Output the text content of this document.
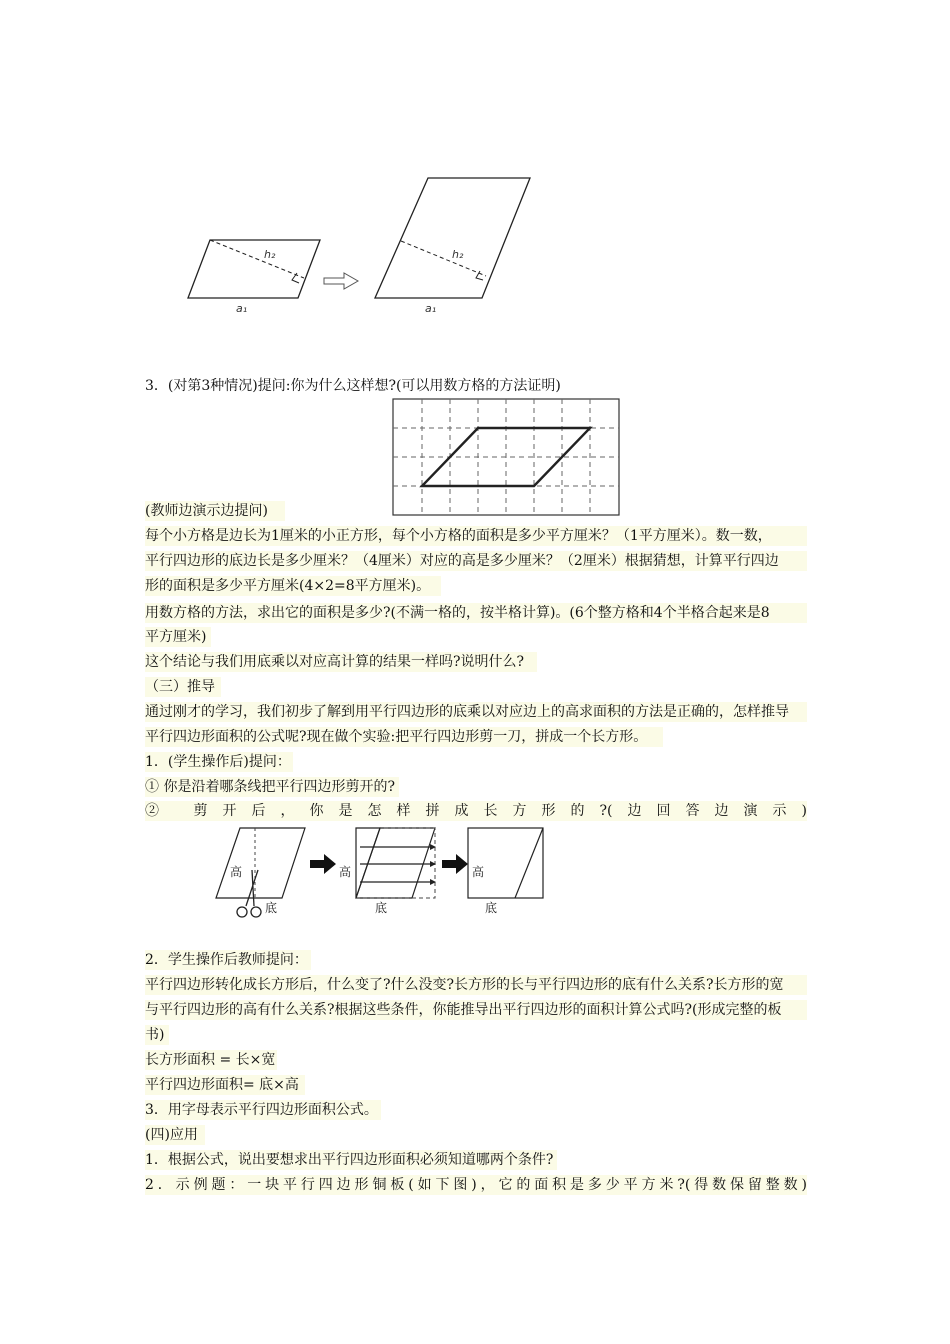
h₂
a₁
h₂
a₁
高
底
高
底
高
底
3．(对第3种情况)提问:你为什么这样想?(可以用数方格的方法证明)
(教师边演示边提问)
每个小方格是边长为1厘米的小正方形，每个小方格的面积是多少平方厘米？（1平方厘米）。数一数，
平行四边形的底边长是多少厘米？（4厘米）对应的高是多少厘米？（2厘米）根据猜想，计算平行四边
形的面积是多少平方厘米(4×2=8平方厘米)。
用数方格的方法，求出它的面积是多少?(不满一格的，按半格计算)。(6个整方格和4个半格合起来是8
平方厘米)
这个结论与我们用底乘以对应高计算的结果一样吗?说明什么?
（三）推导
通过刚才的学习，我们初步了解到用平行四边形的底乘以对应边上的高求面积的方法是正确的，怎样推导
平行四边形面积的公式呢?现在做个实验:把平行四边形剪一刀，拼成一个长方形。
1．(学生操作后)提问：
① 你是沿着哪条线把平行四边形剪开的?
② 剪开后，你是怎样拼成长方形的?(边回答边演示)
2．学生操作后教师提问：
平行四边形转化成长方形后，什么变了?什么没变?长方形的长与平行四边形的底有什么关系?长方形的宽
与平行四边形的高有什么关系?根据这些条件，你能推导出平行四边形的面积计算公式吗?(形成完整的板
书)
长方形面积 = 长×宽
平行四边形面积= 底×高
3．用字母表示平行四边形面积公式。
(四)应用
1．根据公式，说出要想求出平行四边形面积必须知道哪两个条件?
2．示例题：一块平行四边形铜板(如下图)，它的面积是多少平方米?(得数保留整数)
